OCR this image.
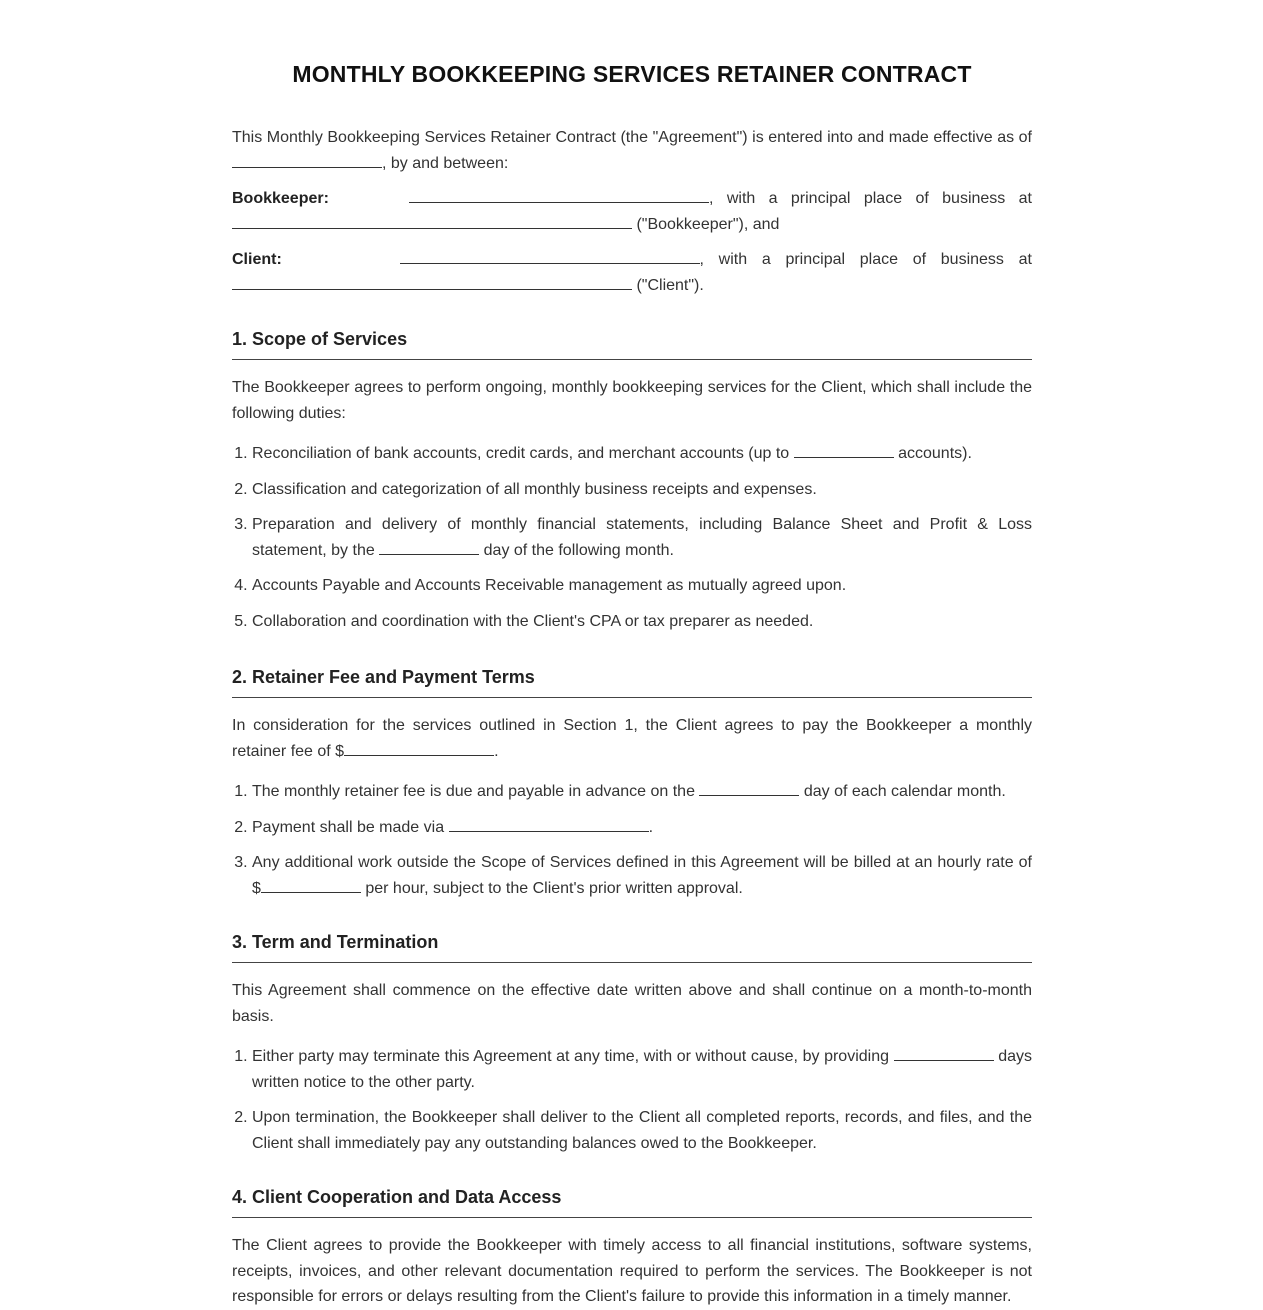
MONTHLY BOOKKEEPING SERVICES RETAINER CONTRACT

This Monthly Bookkeeping Services Retainer Contract (the "Agreement") is entered into and made effective as of , by and between:

Bookkeeper:	, with a principal place of business at  ("Bookkeeper"), and

Client:	, with a principal place of business at  ("Client").

1. Scope of Services

The Bookkeeper agrees to perform ongoing, monthly bookkeeping services for the Client, which shall include the following duties:

1. Reconciliation of bank accounts, credit cards, and merchant accounts (up to	accounts).
2. Classification and categorization of all monthly business receipts and expenses.
3. Preparation and delivery of monthly financial statements, including Balance Sheet and Profit & Loss statement, by the	day of the following month.
4. Accounts Payable and Accounts Receivable management as mutually agreed upon.
5. Collaboration and coordination with the Client's CPA or tax preparer as needed.
2. Retainer Fee and Payment Terms

In consideration for the services outlined in Section 1, the Client agrees to pay the Bookkeeper a monthly retainer fee of $	.

1. The monthly retainer fee is due and payable in advance on the	day of each calendar month.
2. Payment shall be made via	.
3. Any additional work outside the Scope of Services defined in this Agreement will be billed at an hourly rate of $	per hour, subject to the Client's prior written approval.
3. Term and Termination

This Agreement shall commence on the effective date written above and shall continue on a month-to-month basis.

1. Either party may terminate this Agreement at any time, with or without cause, by providing	days written notice to the other party.
2. Upon termination, the Bookkeeper shall deliver to the Client all completed reports, records, and files, and the Client shall immediately pay any outstanding balances owed to the Bookkeeper.
4. Client Cooperation and Data Access

The Client agrees to provide the Bookkeeper with timely access to all financial institutions, software systems, receipts, invoices, and other relevant documentation required to perform the services. The Bookkeeper is not responsible for errors or delays resulting from the Client's failure to provide this information in a timely manner.
